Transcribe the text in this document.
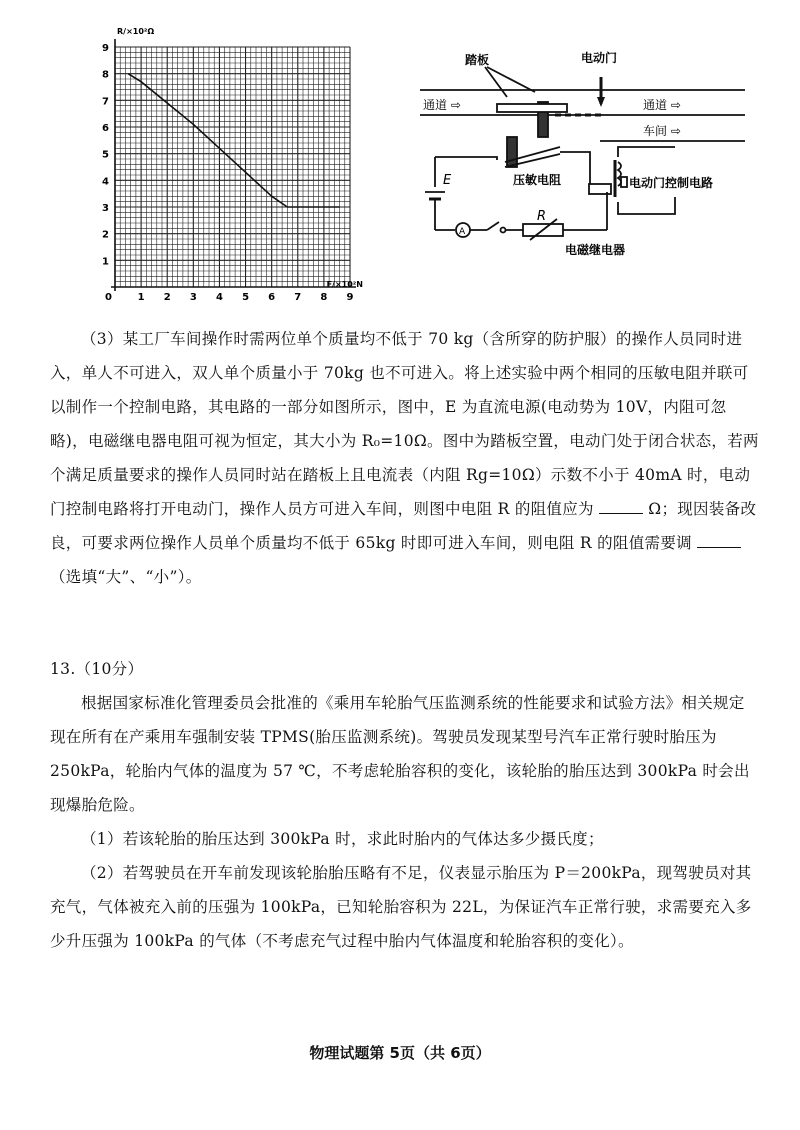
1 2 3 4 5 6 7 8 9
1
2
3
4
5
6
7
8
9
0
R/×10²Ω
F/×10²N
踏板	电动门
通道 ⇨	通道 ⇨
车间 ⇨
压敏电阻	电动门控制电路
电磁继电器
E
R
A
（3）某工厂车间操作时需两位单个质量均不低于 70 kg（含所穿的防护服）的操作人员同时进入，单人不可进入，双人单个质量小于 70kg 也不可进入。将上述实验中两个相同的压敏电阻并联可以制作一个控制电路，其电路的一部分如图所示，图中，E 为直流电源(电动势为 10V，内阻可忽略)，电磁继电器电阻可视为恒定，其大小为 R₀=10Ω。图中为踏板空置，电动门处于闭合状态，若两个满足质量要求的操作人员同时站在踏板上且电流表（内阻 Rg=10Ω）示数不小于 40mA 时，电动门控制电路将打开电动门，操作人员方可进入车间，则图中电阻 R 的阻值应为	Ω；现因装备改良，可要求两位操作人员单个质量均不低于 65kg 时即可进入车间，则电阻 R 的阻值需要调  （选填“大”、“小”）。
13.（10分）
根据国家标准化管理委员会批准的《乘用车轮胎气压监测系统的性能要求和试验方法》相关规定现在所有在产乘用车强制安装 TPMS(胎压监测系统)。驾驶员发现某型号汽车正常行驶时胎压为 250kPa，轮胎内气体的温度为 57 ℃，不考虑轮胎容积的变化，该轮胎的胎压达到 300kPa 时会出现爆胎危险。
（1）若该轮胎的胎压达到 300kPa 时，求此时胎内的气体达多少摄氏度；
（2）若驾驶员在开车前发现该轮胎胎压略有不足，仪表显示胎压为 P＝200kPa，现驾驶员对其充气，气体被充入前的压强为 100kPa，已知轮胎容积为 22L，为保证汽车正常行驶，求需要充入多少升压强为 100kPa 的气体（不考虑充气过程中胎内气体温度和轮胎容积的变化）。
物理试题第 5页（共 6页）
